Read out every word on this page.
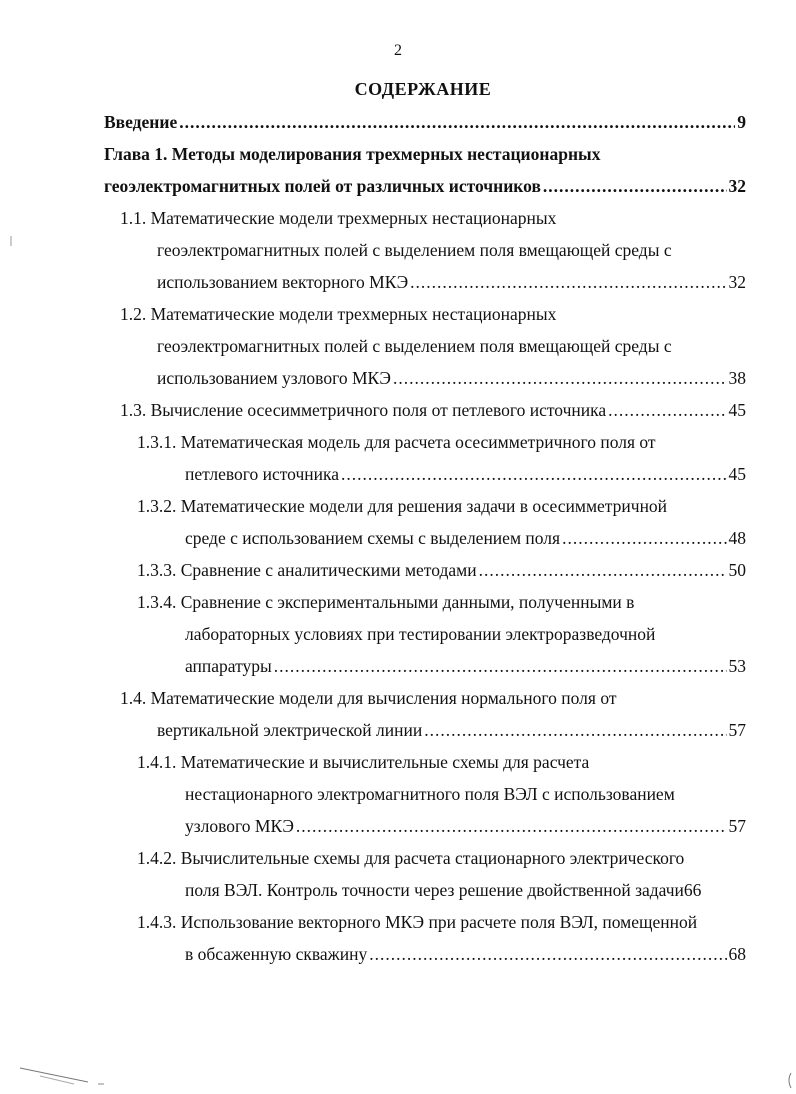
2
СОДЕРЖАНИЕ
Введение .....	9
Глава 1. Методы моделирования трехмерных нестационарных
геоэлектромагнитных полей от различных источников .....	32
1.1. Математические модели трехмерных нестационарных
геоэлектромагнитных полей с выделением поля вмещающей среды с
использованием векторного МКЭ .....	32
1.2. Математические модели трехмерных нестационарных
геоэлектромагнитных полей с выделением поля вмещающей среды с
использованием узлового МКЭ .....	38
1.3. Вычисление осесимметричного поля от петлевого источника .....	45
1.3.1. Математическая модель для расчета осесимметричного поля от
петлевого источника .....	45
1.3.2. Математические модели для решения задачи в осесимметричной
среде с использованием схемы с выделением поля .....	48
1.3.3. Сравнение с аналитическими методами .....	50
1.3.4. Сравнение с экспериментальными данными, полученными в
лабораторных условиях при тестировании электроразведочной
аппаратуры .....	53
1.4. Математические модели для вычисления нормального поля от
вертикальной электрической линии .....	57
1.4.1. Математические и вычислительные схемы для расчета
нестационарного электромагнитного поля ВЭЛ с использованием
узлового МКЭ .....	57
1.4.2. Вычислительные схемы для расчета стационарного электрического
поля ВЭЛ. Контроль точности через решение двойственной задачи66
1.4.3. Использование векторного МКЭ при расчете поля ВЭЛ, помещенной
в обсаженную скважину .....	68
